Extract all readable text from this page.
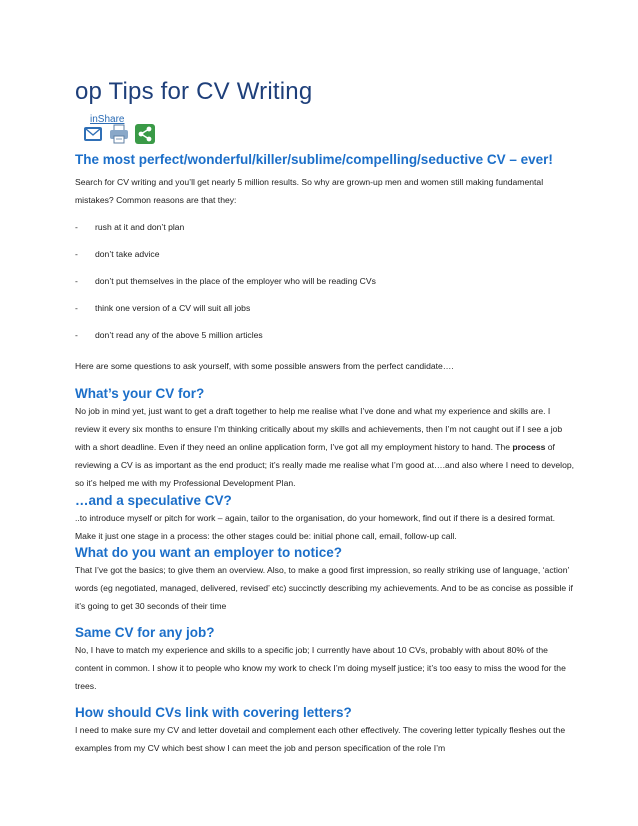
op Tips for CV Writing
inShare
The most perfect/wonderful/killer/sublime/compelling/seductive CV – ever!

Search for CV writing and you’ll get nearly 5 million results. So why are grown-up men and women still making fundamental mistakes? Common reasons are that they:

- rush at it and don’t plan
- don’t take advice
- don’t put themselves in the place of the employer who will be reading CVs
- think one version of a CV will suit all jobs
- don’t read any of the above 5 million articles

Here are some questions to ask yourself, with some possible answers from the perfect candidate….

What’s your CV for?

No job in mind yet, just want to get a draft together to help me realise what I’ve done and what my experience and skills are. I review it every six months to ensure I’m thinking critically about my skills and achievements, then I’m not caught out if I see a job with a short deadline. Even if they need an online application form, I’ve got all my employment history to hand. The process of reviewing a CV is as important as the end product; it’s really made me realise what I’m good at….and also where I need to develop, so it’s helped me with my Professional Development Plan.

…and a speculative CV?

..to introduce myself or pitch for work – again, tailor to the organisation, do your homework, find out if there is a desired format. Make it just one stage in a process: the other stages could be: initial phone call, email, follow-up call.

What do you want an employer to notice?

That I’ve got the basics; to give them an overview. Also, to make a good first impression, so really striking use of language, ‘action’ words (eg negotiated, managed, delivered, revised’ etc) succinctly describing my achievements. And to be as concise as possible if it’s going to get 30 seconds of their time

Same CV for any job?

No, I have to match my experience and skills to a specific job; I currently have about 10 CVs, probably with about 80% of the content in common. I show it to people who know my work to check I’m doing myself justice; it’s too easy to miss the wood for the trees.

How should CVs link with covering letters?

I need to make sure my CV and letter dovetail and complement each other effectively. The covering letter typically fleshes out the examples from my CV which best show I can meet the job and person specification of the role I’m
